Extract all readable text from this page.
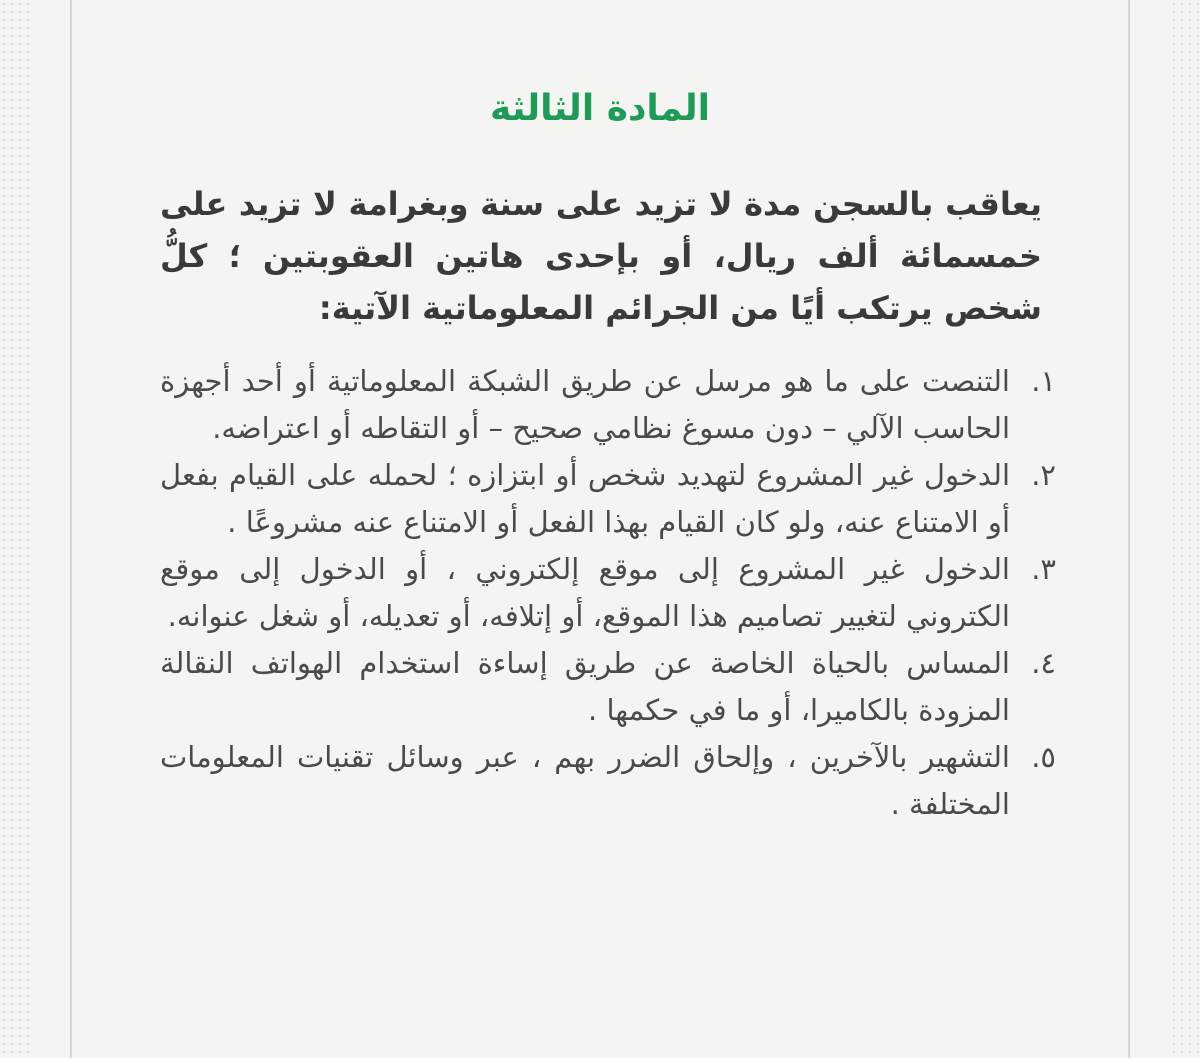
المادة الثالثة
يعاقب بالسجن مدة لا تزيد على سنة وبغرامة لا تزيد على خمسمائة ألف ريال، أو بإحدى هاتين العقوبتين ؛ كلُّ شخص يرتكب أيًا من الجرائم المعلوماتية الآتية:
١.
التنصت على ما هو مرسل عن طريق الشبكة المعلوماتية أو أحد أجهزة الحاسب الآلي – دون مسوغ نظامي صحيح – أو التقاطه أو اعتراضه.
٢.
الدخول غير المشروع لتهديد شخص أو ابتزازه ؛ لحمله على القيام بفعل أو الامتناع عنه، ولو كان القيام بهذا الفعل أو الامتناع عنه مشروعًا .
٣.
الدخول غير المشروع إلى موقع إلكتروني ، أو الدخول إلى موقع الكتروني لتغيير تصاميم هذا الموقع، أو إتلافه، أو تعديله، أو شغل عنوانه.
٤.
المساس بالحياة الخاصة عن طريق إساءة استخدام الهواتف النقالة المزودة بالكاميرا، أو ما في حكمها .
٥.
التشهير بالآخرين ، وإلحاق الضرر بهم ، عبر وسائل تقنيات المعلومات المختلفة .
